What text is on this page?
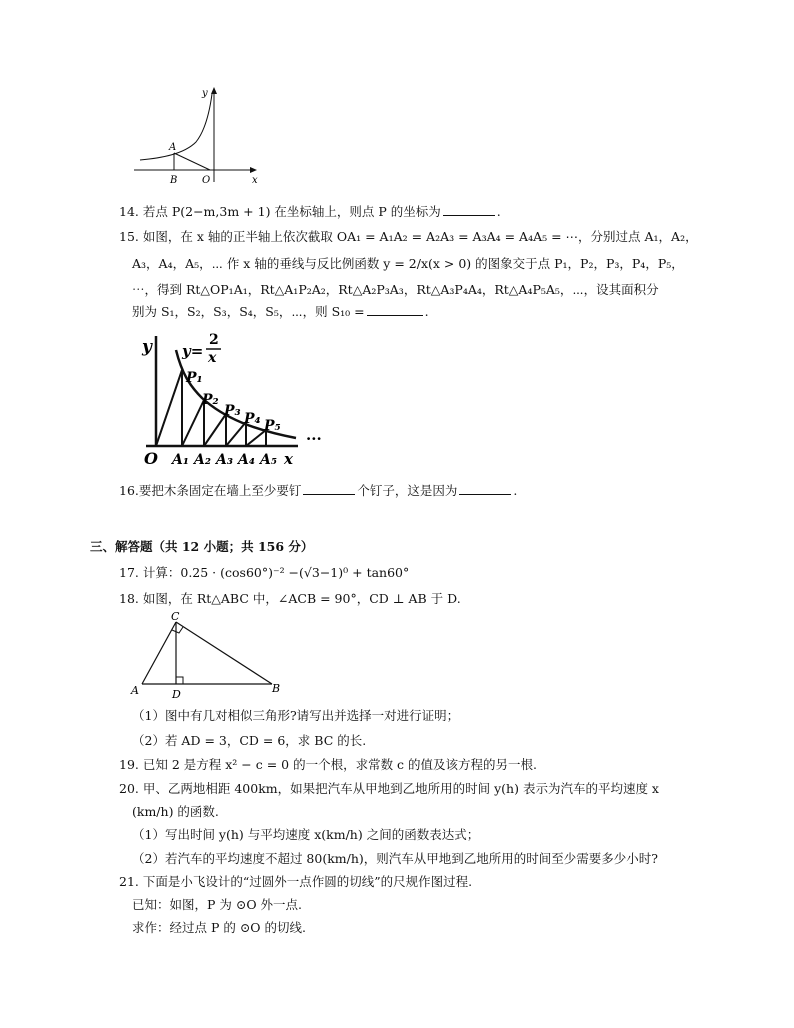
y
x
A
B O
14. 若点 P(2−m,3m + 1) 在坐标轴上，则点 P 的坐标为	.
15. 如图，在 x 轴的正半轴上依次截取 OA₁ = A₁A₂ = A₂A₃ = A₃A₄ = A₄A₅ = ⋯，分别过点 A₁，A₂，
A₃，A₄，A₅，⋯ 作 x 轴的垂线与反比例函数 y = 2/x(x > 0) 的图象交于点 P₁，P₂，P₃，P₄，P₅，
⋯，得到 Rt△OP₁A₁，Rt△A₁P₂A₂，Rt△A₂P₃A₃，Rt△A₃P₄A₄，Rt△A₄P₅A₅，⋯，设其面积分
别为 S₁，S₂，S₃，S₄，S₅，⋯，则 S₁₀ =	.
y y=
2
x
P₁
P₂
P₃ P₄ P₅
O A₁ A₂ A₃ A₄ A₅ x
···
16.要把木条固定在墙上至少要钉	个钉子，这是因为	.
三、解答题（共 12 小题；共 156 分）
17. 计算：0.25 · (cos60°)⁻² −(√3−1)⁰ + tan60°
18. 如图，在 Rt△ABC 中，∠ACB = 90°，CD ⊥ AB 于 D.
C
A	D	B
（1）图中有几对相似三角形?请写出并选择一对进行证明；
（2）若 AD = 3，CD = 6，求 BC 的长.
19. 已知 2 是方程 x² − c = 0 的一个根，求常数 c 的值及该方程的另一根.
20. 甲、乙两地相距 400km，如果把汽车从甲地到乙地所用的时间 y(h) 表示为汽车的平均速度 x
(km/h) 的函数.
（1）写出时间 y(h) 与平均速度 x(km/h) 之间的函数表达式；
（2）若汽车的平均速度不超过 80(km/h)，则汽车从甲地到乙地所用的时间至少需要多少小时?
21. 下面是小飞设计的“过圆外一点作圆的切线”的尺规作图过程.
已知：如图，P 为 ⊙O 外一点.
求作：经过点 P 的 ⊙O 的切线.
